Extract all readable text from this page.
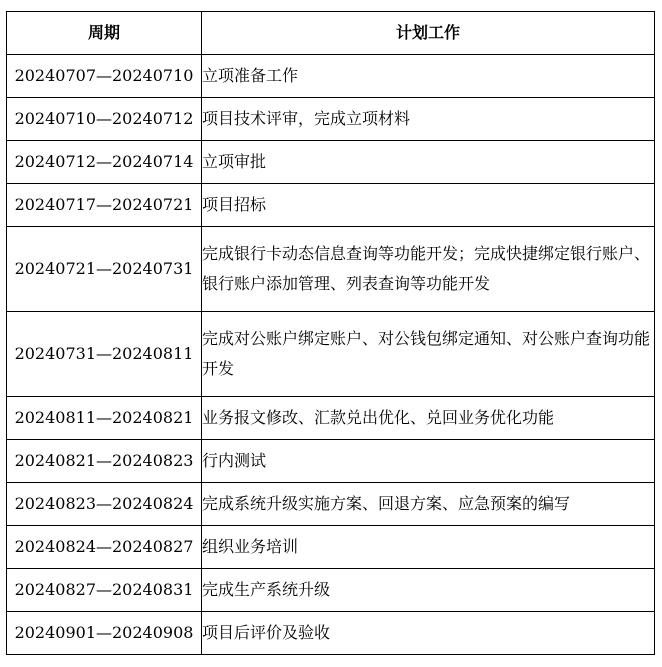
周期	计划工作
20240707—20240710	立项准备工作
20240710—20240712	项目技术评审，完成立项材料
20240712—20240714	立项审批
20240717—20240721	项目招标
20240721—20240731	完成银行卡动态信息查询等功能开发；完成快捷绑定银行账户、银行账户添加管理、列表查询等功能开发
20240731—20240811	完成对公账户绑定账户、对公钱包绑定通知、对公账户查询功能开发
20240811—20240821	业务报文修改、汇款兑出优化、兑回业务优化功能
20240821—20240823	行内测试
20240823—20240824	完成系统升级实施方案、回退方案、应急预案的编写
20240824—20240827	组织业务培训
20240827—20240831	完成生产系统升级
20240901—20240908	项目后评价及验收
